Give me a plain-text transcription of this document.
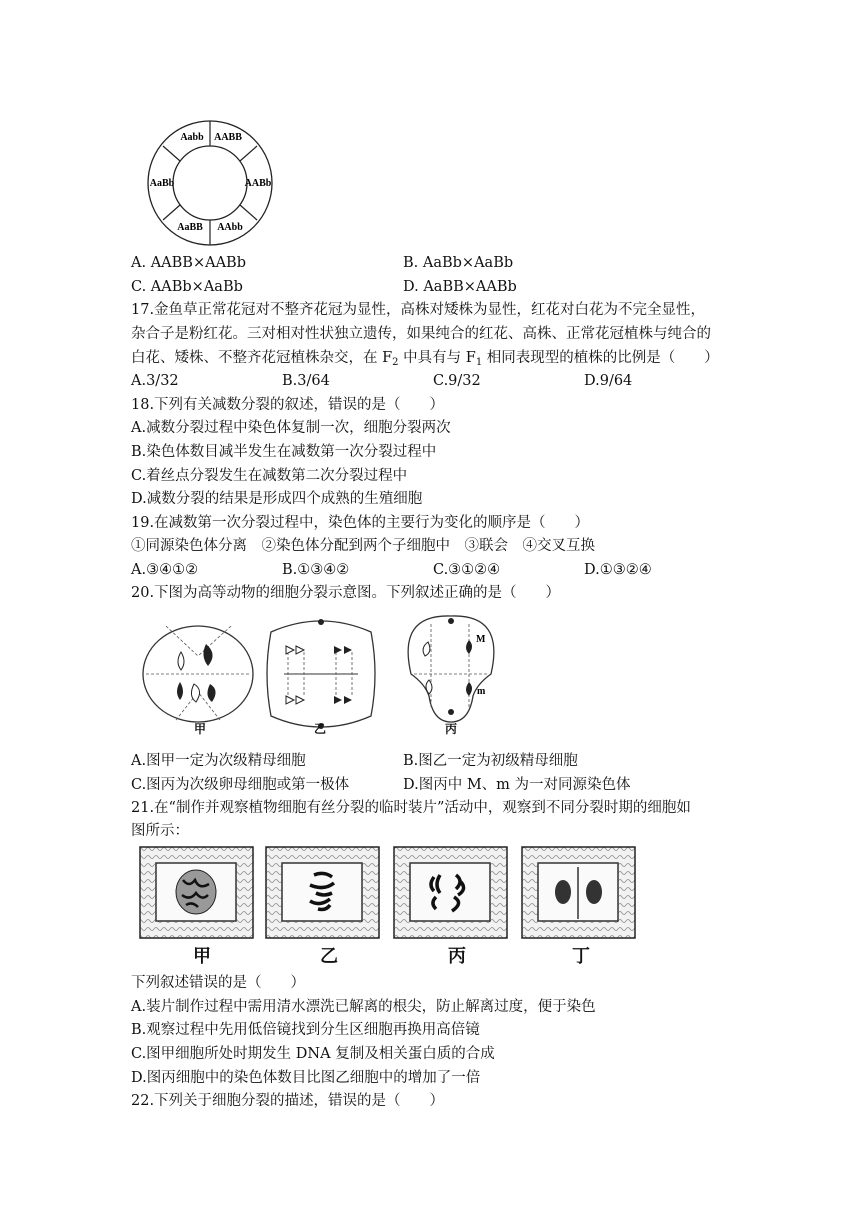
Aabb AABB
AaBb	AABb
AaBB AAbb
A. AABB×AABb	B. AaBb×AaBb
C. AABb×AaBb	D. AaBB×AABb
17.金鱼草正常花冠对不整齐花冠为显性，高株对矮株为显性，红花对白花为不完全显性，
杂合子是粉红花。三对相对性状独立遗传，如果纯合的红花、高株、正常花冠植株与纯合的
白花、矮株、不整齐花冠植株杂交，在 $F_2$ 中具有与 $F_1$ 相同表现型的植株的比例是（　　）
A.3/32	B.3/64	C.9/32	D.9/64
18.下列有关减数分裂的叙述，错误的是（　　）
A.减数分裂过程中染色体复制一次，细胞分裂两次
B.染色体数目减半发生在减数第一次分裂过程中
C.着丝点分裂发生在减数第二次分裂过程中
D.减数分裂的结果是形成四个成熟的生殖细胞
19.在减数第一次分裂过程中，染色体的主要行为变化的顺序是（　　）
①同源染色体分离　②染色体分配到两个子细胞中　③联会　④交叉互换
A.③④①②	B.①③④②	C.③①②④	D.①③②④
20.下图为高等动物的细胞分裂示意图。下列叙述正确的是（　　）
M
m
甲	乙	丙
A.图甲一定为次级精母细胞	B.图乙一定为初级精母细胞
C.图丙为次级卵母细胞或第一极体	D.图丙中 M、m 为一对同源染色体
21.在“制作并观察植物细胞有丝分裂的临时装片”活动中，观察到不同分裂时期的细胞如
图所示：
甲	乙	丙	丁
下列叙述错误的是（　　）
A.装片制作过程中需用清水漂洗已解离的根尖，防止解离过度，便于染色
B.观察过程中先用低倍镜找到分生区细胞再换用高倍镜
C.图甲细胞所处时期发生 DNA 复制及相关蛋白质的合成
D.图丙细胞中的染色体数目比图乙细胞中的增加了一倍
22.下列关于细胞分裂的描述，错误的是（　　）
